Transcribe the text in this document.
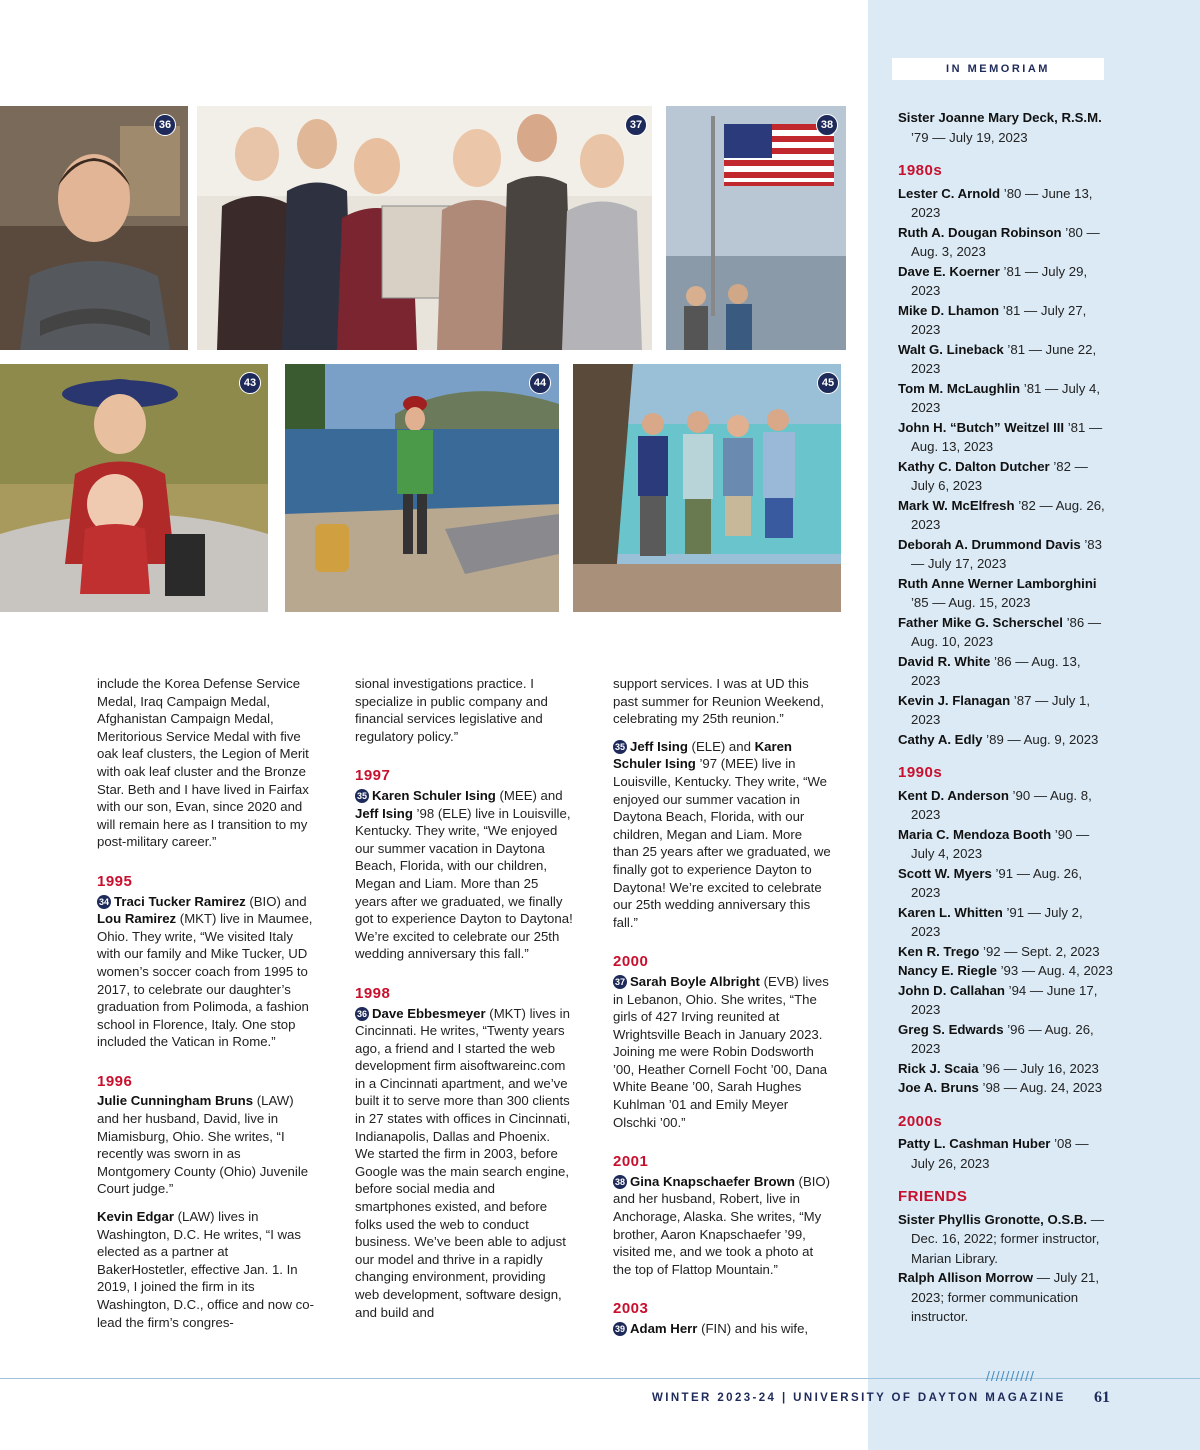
36	37	38
43	44	45

include the Korea Defense Service Medal, Iraq Campaign Medal, Afghanistan Campaign Medal, Meritorious Service Medal with five oak leaf clusters, the Legion of Merit with oak leaf cluster and the Bronze Star. Beth and I have lived in Fairfax with our son, Evan, since 2020 and will remain here as I transition to my post-military career.”

1995

34 Traci Tucker Ramirez (BIO) and Lou Ramirez (MKT) live in Maumee, Ohio. They write, “We visited Italy with our family and Mike Tucker, UD women’s soccer coach from 1995 to 2017, to celebrate our daughter’s graduation from Polimoda, a fashion school in Florence, Italy. One stop included the Vatican in Rome.”

1996

Julie Cunningham Bruns (LAW) and her husband, David, live in Miamisburg, Ohio. She writes, “I recently was sworn in as Montgomery County (Ohio) Juvenile Court judge.”

Kevin Edgar (LAW) lives in Washington, D.C. He writes, “I was elected as a partner at BakerHostetler, effective Jan. 1. In 2019, I joined the firm in its Washington, D.C., office and now co-lead the firm’s congres-

sional investigations practice. I specialize in public company and financial services legislative and regulatory policy.”

1997

35 Karen Schuler Ising (MEE) and Jeff Ising ’98 (ELE) live in Louisville, Kentucky. They write, “We enjoyed our summer vacation in Daytona Beach, Florida, with our children, Megan and Liam. More than 25 years after we graduated, we finally got to experience Dayton to Daytona! We’re excited to celebrate our 25th wedding anniversary this fall.”

1998

36 Dave Ebbesmeyer (MKT) lives in Cincinnati. He writes, “Twenty years ago, a friend and I started the web development firm aisoftwareinc.com in a Cincinnati apartment, and we’ve built it to serve more than 300 clients in 27 states with offices in Cincinnati, Indianapolis, Dallas and Phoenix. We started the firm in 2003, before Google was the main search engine, before social media and smartphones existed, and before folks used the web to conduct business. We’ve been able to adjust our model and thrive in a rapidly changing environment, providing web development, software design, and build and

support services. I was at UD this past summer for Reunion Weekend, celebrating my 25th reunion.”

35 Jeff Ising (ELE) and Karen Schuler Ising ’97 (MEE) live in Louisville, Kentucky. They write, “We enjoyed our summer vacation in Daytona Beach, Florida, with our children, Megan and Liam. More than 25 years after we graduated, we finally got to experience Dayton to Daytona! We’re excited to celebrate our 25th wedding anniversary this fall.”

2000

37 Sarah Boyle Albright (EVB) lives in Lebanon, Ohio. She writes, “The girls of 427 Irving reunited at Wrightsville Beach in January 2023. Joining me were Robin Dodsworth ’00, Heather Cornell Focht ’00, Dana White Beane ’00, Sarah Hughes Kuhlman ’01 and Emily Meyer Olschki ’00.”

2001

38 Gina Knapschaefer Brown (BIO) and her husband, Robert, live in Anchorage, Alaska. She writes, “My brother, Aaron Knapschaefer ’99, visited me, and we took a photo at the top of Flattop Mountain.”

2003

39 Adam Herr (FIN) and his wife,

IN MEMORIAM
Sister Joanne Mary Deck, R.S.M. ’79 — July 19, 2023
1980s
Lester C. Arnold ’80 — June 13, 2023
Ruth A. Dougan Robinson ’80 — Aug. 3, 2023
Dave E. Koerner ’81 — July 29, 2023
Mike D. Lhamon ’81 — July 27, 2023
Walt G. Lineback ’81 — June 22, 2023
Tom M. McLaughlin ’81 — July 4, 2023
John H. “Butch” Weitzel III ’81 — Aug. 13, 2023
Kathy C. Dalton Dutcher ’82 — July 6, 2023
Mark W. McElfresh ’82 — Aug. 26, 2023
Deborah A. Drummond Davis ’83 — July 17, 2023
Ruth Anne Werner Lamborghini ’85 — Aug. 15, 2023
Father Mike G. Scherschel ’86 — Aug. 10, 2023
David R. White ’86 — Aug. 13, 2023
Kevin J. Flanagan ’87 — July 1, 2023
Cathy A. Edly ’89 — Aug. 9, 2023
1990s
Kent D. Anderson ’90 — Aug. 8, 2023
Maria C. Mendoza Booth ’90 — July 4, 2023
Scott W. Myers ’91 — Aug. 26, 2023
Karen L. Whitten ’91 — July 2, 2023
Ken R. Trego ’92 — Sept. 2, 2023
Nancy E. Riegle ’93 — Aug. 4, 2023
John D. Callahan ’94 — June 17, 2023
Greg S. Edwards ’96 — Aug. 26, 2023
Rick J. Scaia ’96 — July 16, 2023
Joe A. Bruns ’98 — Aug. 24, 2023
2000s
Patty L. Cashman Huber ’08 — July 26, 2023
FRIENDS
Sister Phyllis Gronotte, O.S.B. — Dec. 16, 2022; former instructor, Marian Library.
Ralph Allison Morrow — July 21, 2023; former communication instructor.
//////////
WINTER 2023-24 | UNIVERSITY OF DAYTON MAGAZINE 61
